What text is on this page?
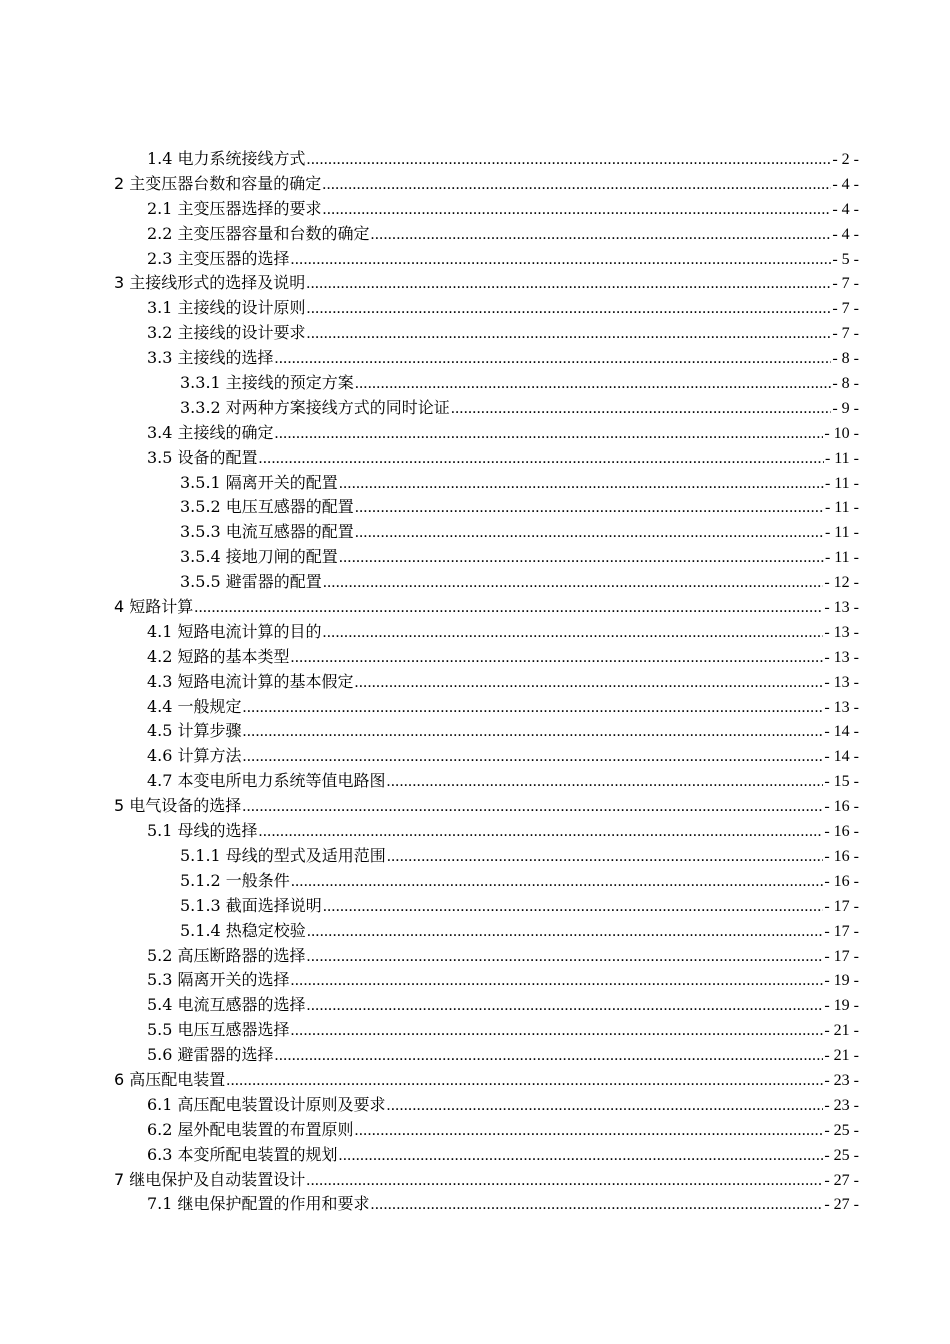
1.4 电力系统接线方式 .....	- 2 -
2 主变压器台数和容量的确定 .....	- 4 -
2.1 主变压器选择的要求 .....	- 4 -
2.2 主变压器容量和台数的确定 .....	- 4 -
2.3 主变压器的选择 .....	- 5 -
3 主接线形式的选择及说明 .....	- 7 -
3.1 主接线的设计原则 .....	- 7 -
3.2 主接线的设计要求 .....	- 7 -
3.3 主接线的选择 .....	- 8 -
3.3.1 主接线的预定方案 .....	- 8 -
3.3.2 对两种方案接线方式的同时论证 .....	- 9 -
3.4 主接线的确定 .....	- 10 -
3.5 设备的配置 .....	- 11 -
3.5.1 隔离开关的配置 .....	- 11 -
3.5.2 电压互感器的配置 .....	- 11 -
3.5.3 电流互感器的配置 .....	- 11 -
3.5.4 接地刀闸的配置 .....	- 11 -
3.5.5 避雷器的配置 .....	- 12 -
4 短路计算 .....	- 13 -
4.1 短路电流计算的目的 .....	- 13 -
4.2 短路的基本类型 .....	- 13 -
4.3 短路电流计算的基本假定 .....	- 13 -
4.4 一般规定 .....	- 13 -
4.5 计算步骤 .....	- 14 -
4.6 计算方法 .....	- 14 -
4.7 本变电所电力系统等值电路图 .....	- 15 -
5 电气设备的选择 .....	- 16 -
5.1 母线的选择 .....	- 16 -
5.1.1 母线的型式及适用范围 .....	- 16 -
5.1.2 一般条件 .....	- 16 -
5.1.3 截面选择说明 .....	- 17 -
5.1.4 热稳定校验 .....	- 17 -
5.2 高压断路器的选择 .....	- 17 -
5.3 隔离开关的选择 .....	- 19 -
5.4 电流互感器的选择 .....	- 19 -
5.5 电压互感器选择 .....	- 21 -
5.6 避雷器的选择 .....	- 21 -
6 高压配电装置 .....	- 23 -
6.1 高压配电装置设计原则及要求 .....	- 23 -
6.2 屋外配电装置的布置原则 .....	- 25 -
6.3 本变所配电装置的规划 .....	- 25 -
7 继电保护及自动装置设计 .....	- 27 -
7.1 继电保护配置的作用和要求 .....	- 27 -
